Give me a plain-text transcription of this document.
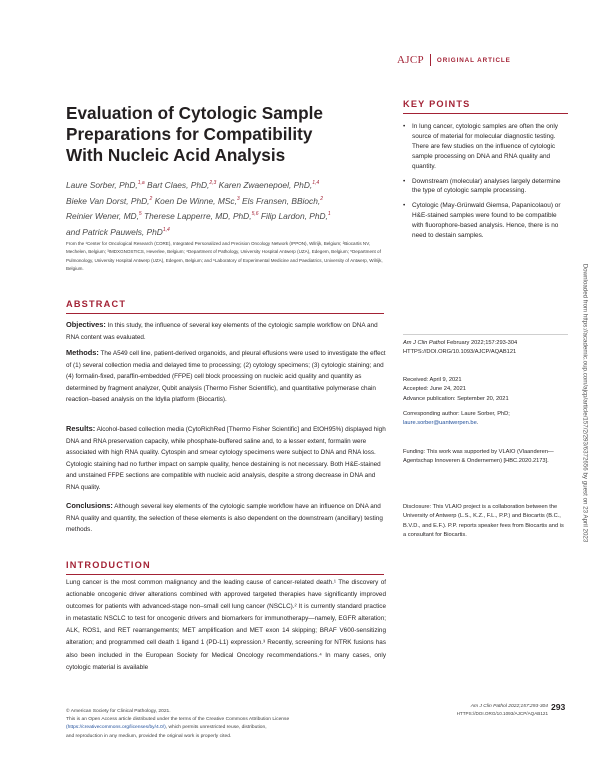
AJCP	ORIGINAL ARTICLE
Evaluation of Cytologic Sample
Preparations for Compatibility
With Nucleic Acid Analysis
Laure Sorber, PhD,$^{1,a}$ Bart Claes, PhD,$^{2,3}$ Karen Zwaenepoel, PhD,$^{1,4}$ Bieke Van Dorst, PhD,$^2$ Koen De Winne, MSc,$^3$ Els Fransen, BBioch,$^2$ Reinier Wener, MD,$^5$ Therese Lapperre, MD, PhD,$^{5,6}$ Filip Lardon, PhD,$^1$ and Patrick Pauwels, PhD$^{1,4}$

From the ¹Center for Oncological Research (CORE), Integrated Personalized and Precision Oncology Network (IPPON), Wilrijk, Belgium; ²Biocartis NV, Mechelen, Belgium; ³IMDXGNOSTICS, Heverlee, Belgium; ⁴Department of Pathology, University Hospital Antwerp (UZA), Edegem, Belgium; ⁵Department of Pulmonology, University Hospital Antwerp (UZA), Edegem, Belgium; and ⁶Laboratory of Experimental Medicine and Paediatrics, University of Antwerp, Wilrijk, Belgium.

ABSTRACT

Objectives: In this study, the influence of several key elements of the cytologic sample workflow on DNA and RNA content was evaluated.

Methods: The A549 cell line, patient-derived organoids, and pleural effusions were used to investigate the effect of (1) several collection media and delayed time to processing; (2) cytology specimens; (3) cytologic staining; and (4) formalin-fixed, paraffin-embedded (FFPE) cell block processing on nucleic acid quality and quantity as determined by fragment analyzer, Qubit analysis (Thermo Fisher Scientific), and quantitative polymerase chain reaction–based analysis on the Idylla platform (Biocartis).

Results: Alcohol-based collection media (CytoRichRed [Thermo Fisher Scientific] and EtOH95%) displayed high DNA and RNA preservation capacity, while phosphate-buffered saline and, to a lesser extent, formalin were associated with high RNA quality. Cytospin and smear cytology specimens were subject to DNA and RNA loss. Cytologic staining had no further impact on sample quality, hence destaining is not necessary. Both H&E-stained and unstained FFPE sections are compatible with nucleic acid analysis, despite a strong decrease in DNA and RNA quality.

Conclusions: Although several key elements of the cytologic sample workflow have an influence on DNA and RNA quality and quantity, the selection of these elements is also dependent on the downstream (ancillary) testing methods.

INTRODUCTION

Lung cancer is the most common malignancy and the leading cause of cancer-related death.¹ The discovery of actionable oncogenic driver alterations combined with approved targeted therapies have significantly improved outcomes for patients with advanced-stage non–small cell lung cancer (NSCLC).² It is currently standard practice in metastatic NSCLC to test for oncogenic drivers and biomarkers for immunotherapy—namely, EGFR alteration; ALK, ROS1, and RET rearrangements; MET amplification and MET exon 14 skipping; BRAF V600-sensitizing alteration; and programmed cell death 1 ligand 1 (PD-L1) expression.³ Recently, screening for NTRK fusions has also been included in the European Society for Medical Oncology recommendations.⁴ In many cases, only cytologic material is available

KEY POINTS
• In lung cancer, cytologic samples are often the only source of material for molecular diagnostic testing. There are few studies on the influence of cytologic sample processing on DNA and RNA quality and quantity.
• Downstream (molecular) analyses largely determine the type of cytologic sample processing.
• Cytologic (May-Grünwald Giemsa, Papanicolaou) or H&E-stained samples were found to be compatible with fluorophore-based analysis. Hence, there is no need to destain samples.
Am J Clin Pathol February 2022;157:293-304
HTTPS://DOI.ORG/10.1093/AJCP/AQAB121
Received: April 9, 2021
Accepted: June 24, 2021
Advance publication: September 20, 2021
Corresponding author: Laure Sorber, PhD; laure.sorber@uantwerpen.be.

Funding: This work was supported by VLAIO (Vlaanderen—Agentschap Innoveren & Ondernemen) [HBC.2020.2173].

Disclosure: This VLAIO project is a collaboration between the University of Antwerp (L.S., K.Z., F.L., P.P.) and Biocartis (B.C., B.V.D., and E.F.). P.P. reports speaker fees from Biocartis and is a consultant for Biocartis.	Downloaded from https://academic.oup.com/ajcp/article/157/2/293/6372656 by guest on 23 April 2023
© American Society for Clinical Pathology, 2021.
This is an Open Access article distributed under the terms of the Creative Commons Attribution License
(https://creativecommons.org/licenses/by/4.0/), which permits unrestricted reuse, distribution,
and reproduction in any medium, provided the original work is properly cited.
Am J Clin Pathol 2022;157:293-304
HTTPS://DOI.ORG/10.1093/AJCP/AQAB121
293
